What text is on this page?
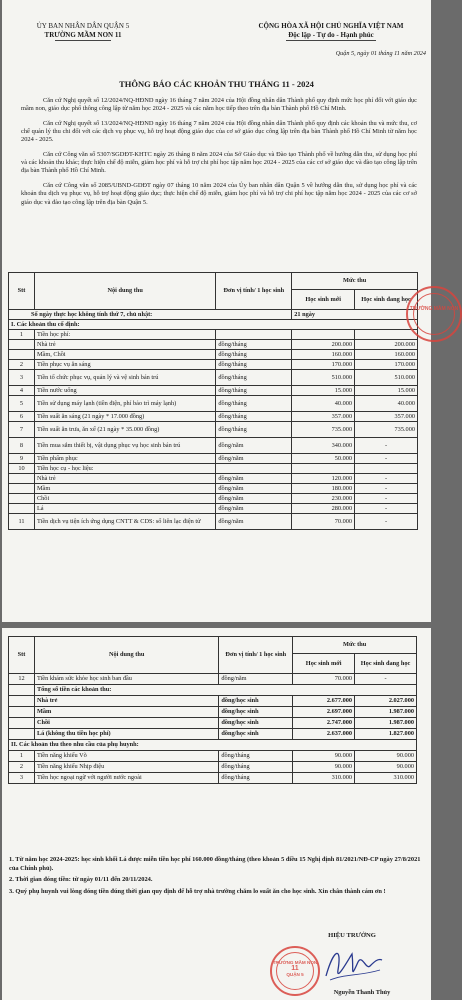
ỦY BAN NHÂN DÂN QUẬN 5
TRƯỜNG MẦM NON 11
CỘNG HÒA XÃ HỘI CHỦ NGHĨA VIỆT NAM
Độc lập - Tự do - Hạnh phúc
Quận 5, ngày 01 tháng 11 năm 2024
THÔNG BÁO CÁC KHOẢN THU THÁNG 11 - 2024

Căn cứ Nghị quyết số 12/2024/NQ-HĐND ngày 16 tháng 7 năm 2024 của Hội đồng nhân dân Thành phố quy định mức học phí đối với giáo dục mầm non, giáo dục phổ thông công lập từ năm học 2024 - 2025 và các năm học tiếp theo trên địa bàn Thành phố Hồ Chí Minh.

Căn cứ Nghị quyết số 13/2024/NQ-HĐND ngày 16 tháng 7 năm 2024 của Hội đồng nhân dân Thành phố quy định các khoản thu và mức thu, cơ chế quản lý thu chi đối với các dịch vụ phục vụ, hỗ trợ hoạt động giáo dục của cơ sở giáo dục công lập trên địa bàn Thành phố Hồ Chí Minh từ năm học 2024 - 2025.

Căn cứ Công văn số 5307/SGDĐT-KHTC ngày 26 tháng 8 năm 2024 của Sở Giáo dục và Đào tạo Thành phố về hướng dẫn thu, sử dụng học phí và các khoản thu khác; thực hiện chế độ miễn, giảm học phí và hỗ trợ chi phí học tập năm học 2024 - 2025 của các cơ sở giáo dục và đào tạo công lập trên địa bàn Thành phố Hồ Chí Minh.

Căn cứ Công văn số 2085/UBND-GDĐT ngày 07 tháng 10 năm 2024 của Ủy ban nhân dân Quận 5 về hướng dẫn thu, sử dụng học phí và các khoản thu dịch vụ phục vụ, hỗ trợ hoạt động giáo dục; thực hiện chế độ miễn, giảm học phí và hỗ trợ chi phí học tập năm học 2024 - 2025 của các cơ sở giáo dục và đào tạo công lập trên địa bàn Quận 5.

Stt	Nội dung thu	Đơn vị tính/ 1 học sinh	Mức thu	
			Học sinh mới	Học sinh đang học
Số ngày thực học không tính thứ 7, chủ nhật:			21 ngày	
I. Các khoản thu cố định:				
1	Tiền học phí:			
	Nhà trẻ	đồng/tháng	200.000	200.000
	Mầm, Chồi	đồng/tháng	160.000	160.000
2	Tiền phục vụ ăn sáng	đồng/tháng	170.000	170.000
3	Tiền tổ chức phục vụ, quản lý và vệ sinh bán trú	đồng/tháng	510.000	510.000
4	Tiền nước uống	đồng/tháng	15.000	15.000
5	Tiền sử dụng máy lạnh (tiền điện, phí bảo trì máy lạnh)	đồng/tháng	40.000	40.000
6	Tiền suất ăn sáng (21 ngày * 17.000 đồng)	đồng/tháng	357.000	357.000
7	Tiền suất ăn trưa, ăn xế (21 ngày * 35.000 đồng)	đồng/tháng	735.000	735.000
8	Tiền mua sắm thiết bị, vật dụng phục vụ học sinh bán trú	đồng/năm	340.000	-
9	Tiền phẩm phục	đồng/năm	50.000	-
10	Tiền học cụ - học liệu:			
	Nhà trẻ	đồng/năm	120.000	-
	Mầm	đồng/năm	180.000	-
	Chồi	đồng/năm	230.000	-
	Lá	đồng/năm	280.000	-
11	Tiền dịch vụ tiện ích ứng dụng CNTT & CDS: sổ liên lạc điện tử	đồng/năm	70.000	-
TRƯỜNG MẦM NON
Stt	Nội dung thu	Đơn vị tính/ 1 học sinh	Mức thu	
			Học sinh mới	Học sinh đang học
12	Tiền khám sức khỏe học sinh ban đầu	đồng/năm	70.000	-
	Tổng số tiền các khoản thu:			
	Nhà trẻ	đồng/học sinh	2.677.000	2.027.000
	Mầm	đồng/học sinh	2.697.000	1.987.000
	Chồi	đồng/học sinh	2.747.000	1.987.000
	Lá (không thu tiền học phí)	đồng/học sinh	2.637.000	1.827.000
II. Các khoản thu theo nhu cầu của phụ huynh:				
1	Tiền năng khiếu Võ	đồng/tháng	90.000	90.000
2	Tiền năng khiếu Nhịp điệu	đồng/tháng	90.000	90.000
3	Tiền học ngoại ngữ với người nước ngoài	đồng/tháng	310.000	310.000

1. Từ năm học 2024-2025: học sinh khối Lá được miễn tiền học phí 160.000 đồng/tháng (theo khoản 5 điều 15 Nghị định 81/2021/NĐ-CP ngày 27/8/2021 của Chính phủ).

2. Thời gian đóng tiền: từ ngày 01/11 đến 20/11/2024.

3. Quý phụ huynh vui lòng đóng tiền đúng thời gian quy định để hỗ trợ nhà trường chăm lo suất ăn cho học sinh. Xin chân thành cám ơn !

HIỆU TRƯỞNG
TRƯỜNG MẦM NON
11
QUẬN 5
Nguyễn Thanh Thủy
